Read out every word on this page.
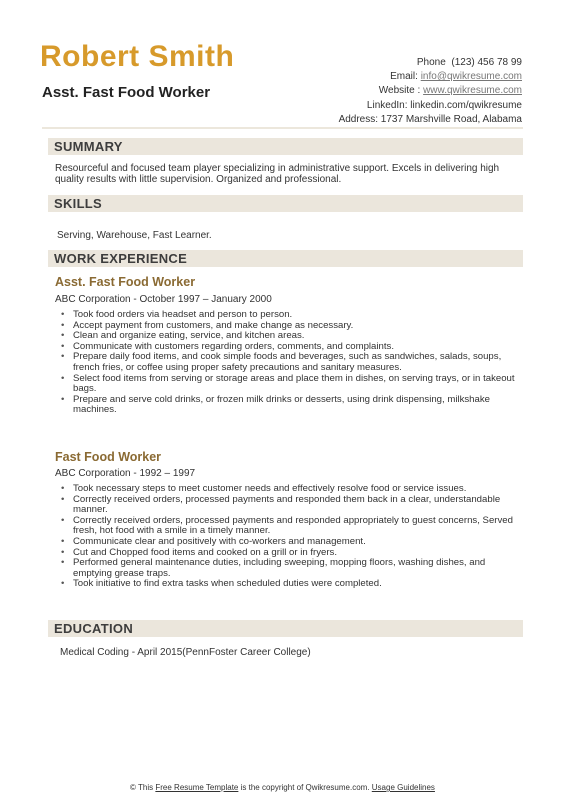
Robert Smith
Asst. Fast Food Worker
Phone (123) 456 78 99
Email: info@qwikresume.com
Website : www.qwikresume.com
LinkedIn: linkedin.com/qwikresume
Address: 1737 Marshville Road, Alabama
SUMMARY
Resourceful and focused team player specializing in administrative support. Excels in delivering high quality results with little supervision. Organized and professional.
SKILLS
Serving, Warehouse, Fast Learner.
WORK EXPERIENCE
Asst. Fast Food Worker
ABC Corporation - October 1997 – January 2000
• Took food orders via headset and person to person.
• Accept payment from customers, and make change as necessary.
• Clean and organize eating, service, and kitchen areas.
• Communicate with customers regarding orders, comments, and complaints.
• Prepare daily food items, and cook simple foods and beverages, such as sandwiches, salads, soups, french fries, or coffee using proper safety precautions and sanitary measures.
• Select food items from serving or storage areas and place them in dishes, on serving trays, or in takeout bags.
• Prepare and serve cold drinks, or frozen milk drinks or desserts, using drink dispensing, milkshake machines.
Fast Food Worker
ABC Corporation - 1992 – 1997
• Took necessary steps to meet customer needs and effectively resolve food or service issues.
• Correctly received orders, processed payments and responded them back in a clear, understandable manner.
• Correctly received orders, processed payments and responded appropriately to guest concerns, Served fresh, hot food with a smile in a timely manner.
• Communicate clear and positively with co-workers and management.
• Cut and Chopped food items and cooked on a grill or in fryers.
• Performed general maintenance duties, including sweeping, mopping floors, washing dishes, and emptying grease traps.
• Took initiative to find extra tasks when scheduled duties were completed.
EDUCATION
Medical Coding - April 2015(PennFoster Career College)
© This Free Resume Template is the copyright of Qwikresume.com. Usage Guidelines
